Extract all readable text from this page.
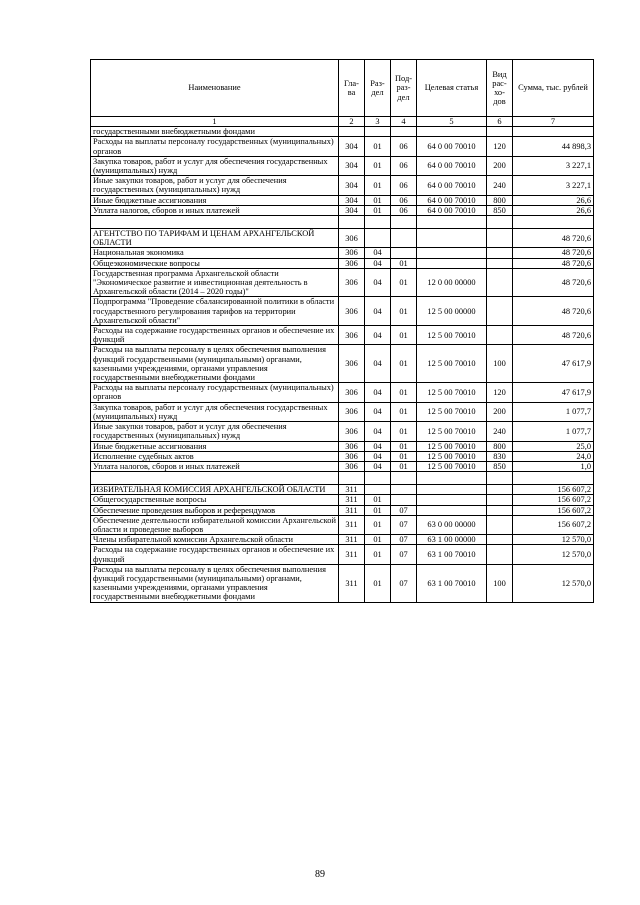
Наименование	Гла-ва	Раз-дел	Под-раз-дел	Целевая статья	Вид рас-хо-дов	Сумма, тыс. рублей
1	2	3	4	5	6	7
государственными внебюджетными фондами						
Расходы на выплаты персоналу государственных (муниципальных) органов	304	01	06	64 0 00 70010	120	44 898,3
Закупка товаров, работ и услуг для обеспечения государственных (муниципальных) нужд	304	01	06	64 0 00 70010	200	3 227,1
Иные закупки товаров, работ и услуг для обеспечения государственных (муниципальных) нужд	304	01	06	64 0 00 70010	240	3 227,1
Иные бюджетные ассигнования	304	01	06	64 0 00 70010	800	26,6
Уплата налогов, сборов и иных платежей	304	01	06	64 0 00 70010	850	26,6

АГЕНТСТВО ПО ТАРИФАМ И ЦЕНАМ АРХАНГЕЛЬСКОЙ ОБЛАСТИ	306					48 720,6
Национальная экономика	306	04				48 720,6
Общеэкономические вопросы	306	04	01			48 720,6
Государственная программа Архангельской области "Экономическое развитие и инвестиционная деятельность в Архангельской области (2014 – 2020 годы)"	306	04	01	12 0 00 00000		48 720,6
Подпрограмма "Проведение сбалансированной политики в области государственного регулирования тарифов на территории Архангельской области"	306	04	01	12 5 00 00000		48 720,6
Расходы на содержание государственных органов и обеспечение их функций	306	04	01	12 5 00 70010		48 720,6
Расходы на выплаты персоналу в целях обеспечения выполнения функций государственными (муниципальными) органами, казенными учреждениями, органами управления государственными внебюджетными фондами	306	04	01	12 5 00 70010	100	47 617,9
Расходы на выплаты персоналу государственных (муниципальных) органов	306	04	01	12 5 00 70010	120	47 617,9
Закупка товаров, работ и услуг для обеспечения государственных (муниципальных) нужд	306	04	01	12 5 00 70010	200	1 077,7
Иные закупки товаров, работ и услуг для обеспечения государственных (муниципальных) нужд	306	04	01	12 5 00 70010	240	1 077,7
Иные бюджетные ассигнования	306	04	01	12 5 00 70010	800	25,0
Исполнение судебных актов	306	04	01	12 5 00 70010	830	24,0
Уплата налогов, сборов и иных платежей	306	04	01	12 5 00 70010	850	1,0

ИЗБИРАТЕЛЬНАЯ КОМИССИЯ АРХАНГЕЛЬСКОЙ ОБЛАСТИ	311					156 607,2
Общегосударственные вопросы	311	01				156 607,2
Обеспечение проведения выборов и референдумов	311	01	07			156 607,2
Обеспечение деятельности избирательной комиссии Архангельской области и проведение выборов	311	01	07	63 0 00 00000		156 607,2
Члены избирательной комиссии Архангельской области	311	01	07	63 1 00 00000		12 570,0
Расходы на содержание государственных органов и обеспечение их функций	311	01	07	63 1 00 70010		12 570,0
Расходы на выплаты персоналу в целях обеспечения выполнения функций государственными (муниципальными) органами, казенными учреждениями, органами управления государственными внебюджетными фондами	311	01	07	63 1 00 70010	100	12 570,0
89
